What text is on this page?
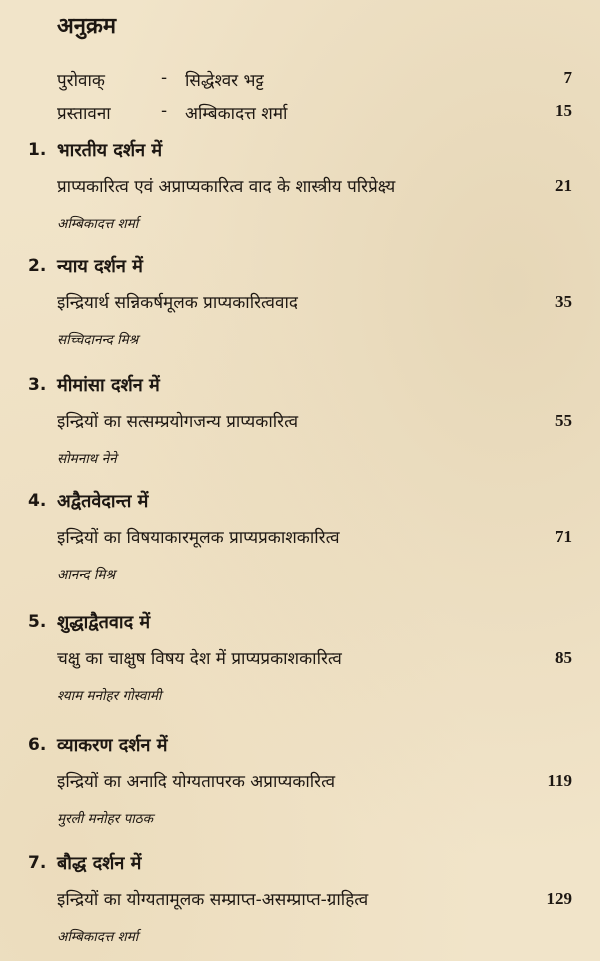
अनुक्रम
पुरोवाक्	- सिद्धेश्वर भट्ट	7
प्रस्तावना	- अम्बिकादत्त शर्मा	15
1. भारतीय दर्शन में
प्राप्यकारित्व एवं अप्राप्यकारित्व वाद के शास्त्रीय परिप्रेक्ष्य	21
अम्बिकादत्त शर्मा
2. न्याय दर्शन में
इन्द्रियार्थ सन्निकर्षमूलक प्राप्यकारित्ववाद	35
सच्चिदानन्द मिश्र
3. मीमांसा दर्शन में
इन्द्रियों का सत्सम्प्रयोगजन्य प्राप्यकारित्व	55
सोमनाथ नेने
4. अद्वैतवेदान्त में
इन्द्रियों का विषयाकारमूलक प्राप्यप्रकाशकारित्व	71
आनन्द मिश्र
5. शुद्धाद्वैतवाद में
चक्षु का चाक्षुष विषय देश में प्राप्यप्रकाशकारित्व	85
श्याम मनोहर गोस्वामी
6. व्याकरण दर्शन में
इन्द्रियों का अनादि योग्यतापरक अप्राप्यकारित्व	119
मुरली मनोहर पाठक
7. बौद्ध दर्शन में
इन्द्रियों का योग्यतामूलक सम्प्राप्त-असम्प्राप्त-ग्राहित्व	129
अम्बिकादत्त शर्मा
